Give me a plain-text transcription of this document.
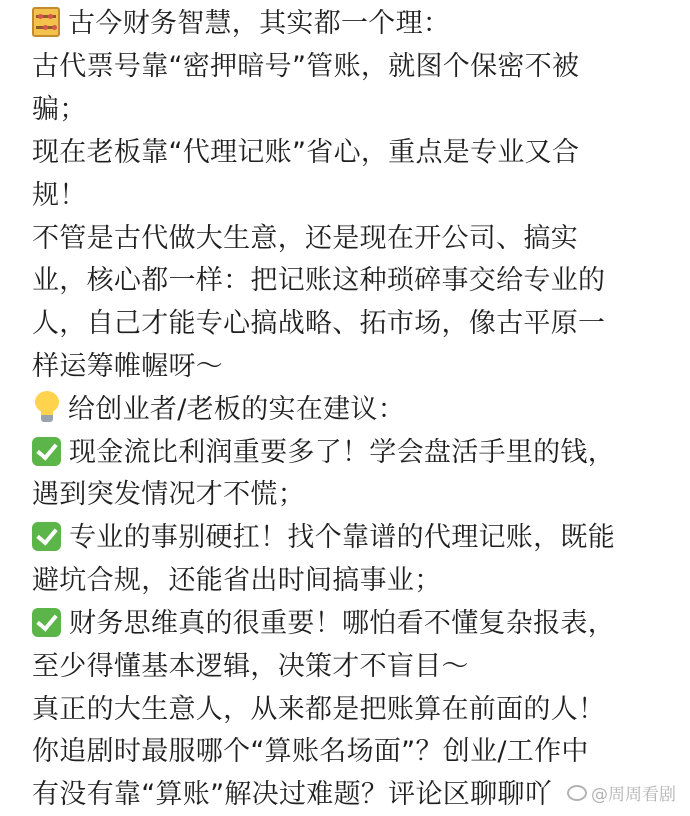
古今财务智慧，其实都一个理：
古代票号靠“密押暗号”管账，就图个保密不被
骗；
现在老板靠“代理记账”省心，重点是专业又合
规！
不管是古代做大生意，还是现在开公司、搞实
业，核心都一样：把记账这种琐碎事交给专业的
人，自己才能专心搞战略、拓市场，像古平原一
样运筹帷幄呀～
给创业者/老板的实在建议：
现金流比利润重要多了！学会盘活手里的钱，
遇到突发情况才不慌；
专业的事别硬扛！找个靠谱的代理记账，既能
避坑合规，还能省出时间搞事业；
财务思维真的很重要！哪怕看不懂复杂报表，
至少得懂基本逻辑，决策才不盲目～
真正的大生意人，从来都是把账算在前面的人！
你追剧时最服哪个“算账名场面”？创业/工作中
有没有靠“算账”解决过难题？评论区聊聊吖	@周周看剧
